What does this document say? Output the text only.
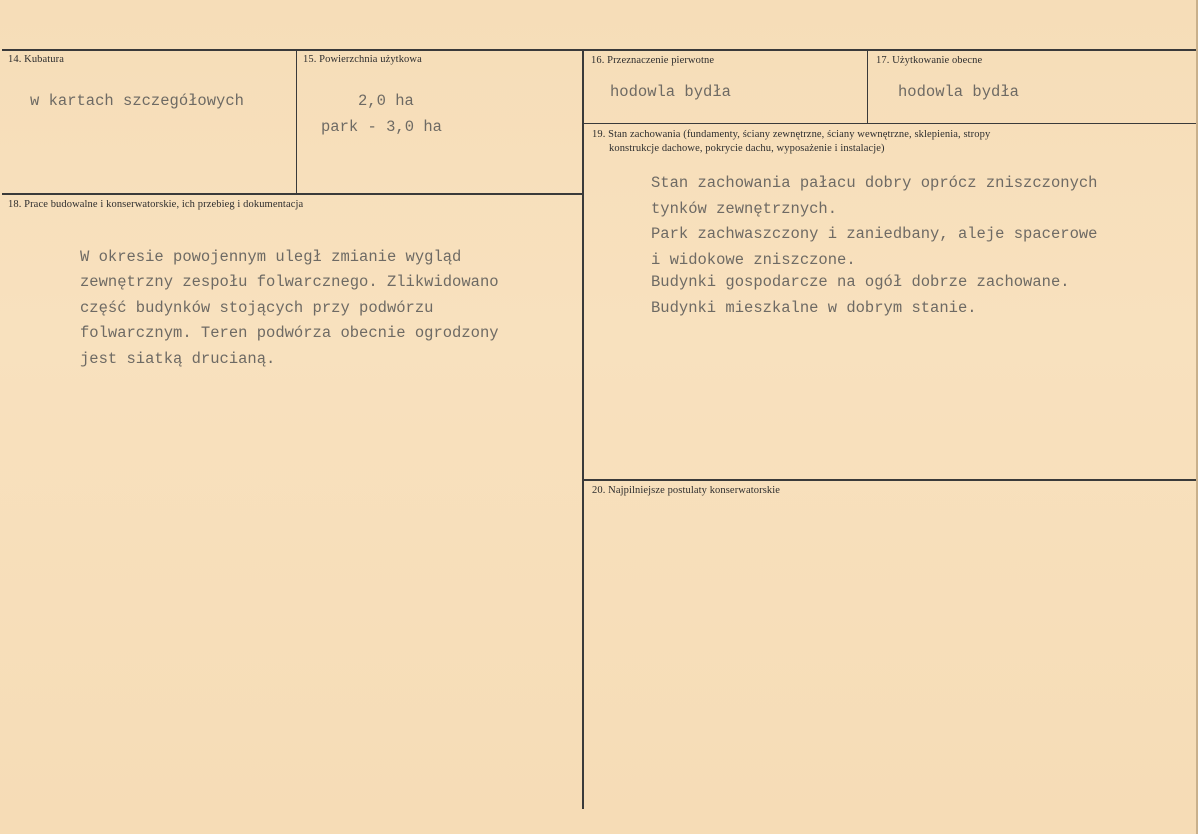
14. Kubatura
w kartach szczegółowych
15. Powierzchnia użytkowa
2,0 ha
park - 3,0 ha
16. Przeznaczenie pierwotne
hodowla bydła
17. Użytkowanie obecne
hodowla bydła
18. Prace budowalne i konserwatorskie, ich przebieg i dokumentacja
W okresie powojennym uległ zmianie wygląd
zewnętrzny zespołu folwarcznego. Zlikwidowano
część budynków stojących przy podwórzu
folwarcznym. Teren podwórza obecnie ogrodzony
jest siatką drucianą.
19. Stan zachowania (fundamenty, ściany zewnętrzne, ściany wewnętrzne, sklepienia, stropy
konstrukcje dachowe, pokrycie dachu, wyposażenie i instalacje)
Stan zachowania pałacu dobry oprócz zniszczonych
tynków zewnętrznych.
Park zachwaszczony i zaniedbany, aleje spacerowe
i widokowe zniszczone.
Budynki gospodarcze na ogół dobrze zachowane.
Budynki mieszkalne w dobrym stanie.
20. Najpilniejsze postulaty konserwatorskie
